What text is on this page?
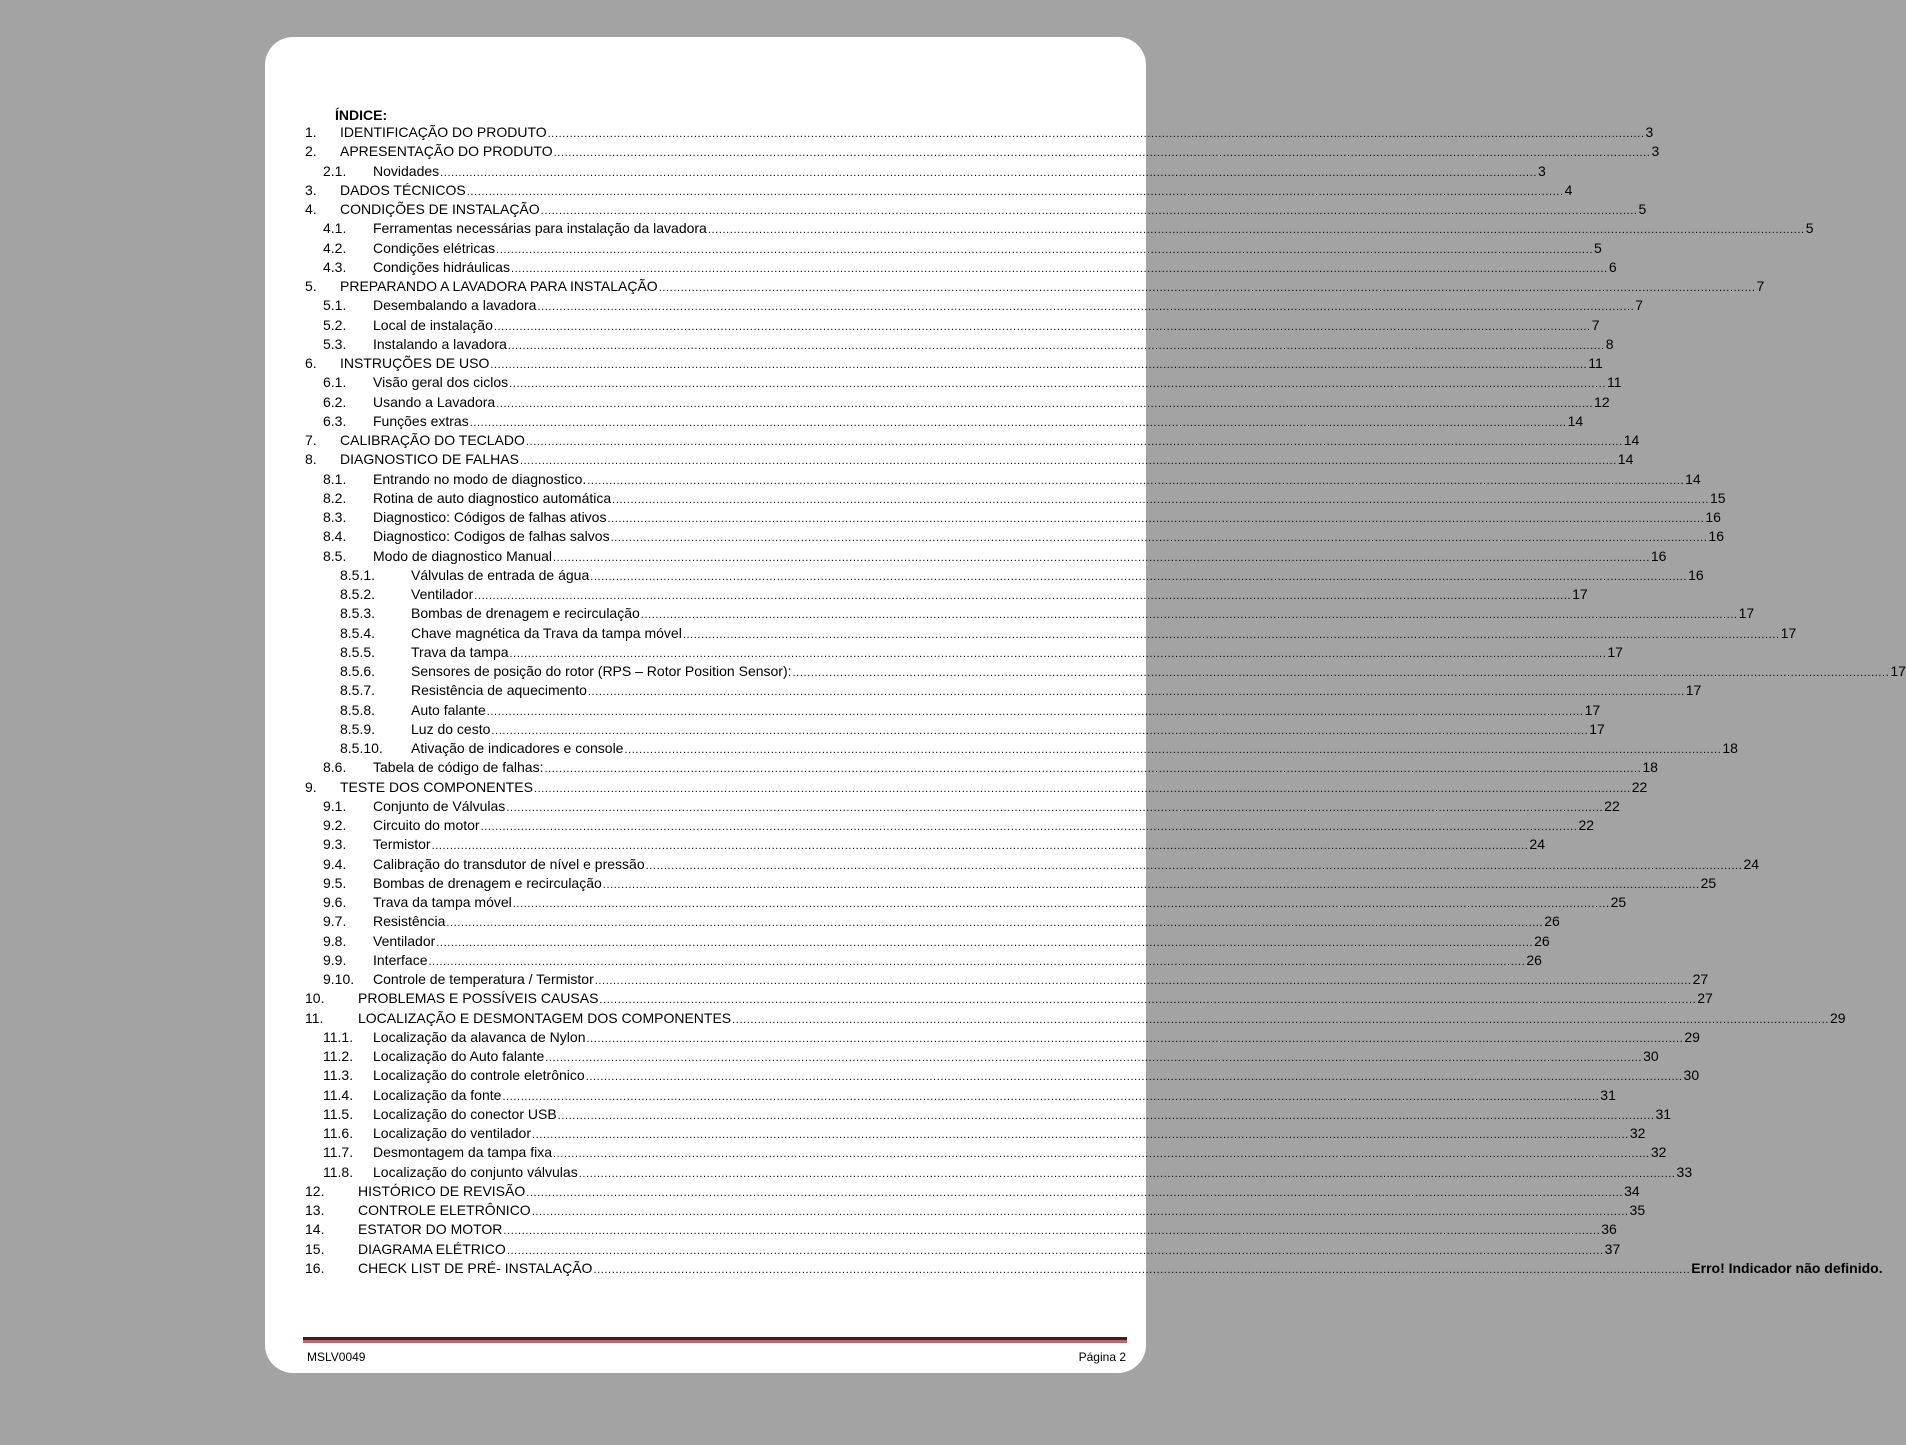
ÍNDICE:
1. IDENTIFICAÇÃO DO PRODUTO ............................................................................................................................................................................................................................................................................................................ 3
2. APRESENTAÇÃO DO PRODUTO ............................................................................................................................................................................................................................................................................................................ 3
2.1. Novidades ............................................................................................................................................................................................................................................................................................................ 3
3. DADOS TÉCNICOS ............................................................................................................................................................................................................................................................................................................ 4
4. CONDIÇÕES DE INSTALAÇÃO ............................................................................................................................................................................................................................................................................................................ 5
4.1. Ferramentas necessárias para instalação da lavadora ............................................................................................................................................................................................................................................................................................................ 5
4.2. Condições elétricas ............................................................................................................................................................................................................................................................................................................ 5
4.3. Condições hidráulicas ............................................................................................................................................................................................................................................................................................................ 6
5. PREPARANDO A LAVADORA PARA INSTALAÇÃO ............................................................................................................................................................................................................................................................................................................ 7
5.1. Desembalando a lavadora ............................................................................................................................................................................................................................................................................................................ 7
5.2. Local de instalação ............................................................................................................................................................................................................................................................................................................ 7
5.3. Instalando a lavadora ............................................................................................................................................................................................................................................................................................................ 8
6. INSTRUÇÕES DE USO ............................................................................................................................................................................................................................................................................................................ 11
6.1. Visão geral dos ciclos ............................................................................................................................................................................................................................................................................................................ 11
6.2. Usando a Lavadora ............................................................................................................................................................................................................................................................................................................ 12
6.3. Funções extras ............................................................................................................................................................................................................................................................................................................ 14
7. CALIBRAÇÃO DO TECLADO ............................................................................................................................................................................................................................................................................................................ 14
8. DIAGNOSTICO DE FALHAS ............................................................................................................................................................................................................................................................................................................ 14
8.1. Entrando no modo de diagnostico. ............................................................................................................................................................................................................................................................................................................ 14
8.2. Rotina de auto diagnostico automática ............................................................................................................................................................................................................................................................................................................ 15
8.3. Diagnostico: Códigos de falhas ativos ............................................................................................................................................................................................................................................................................................................ 16
8.4. Diagnostico: Codigos de falhas salvos ............................................................................................................................................................................................................................................................................................................ 16
8.5. Modo de diagnostico Manual ............................................................................................................................................................................................................................................................................................................ 16
8.5.1.	Válvulas de entrada de água ............................................................................................................................................................................................................................................................................................................ 16
8.5.2.	Ventilador ............................................................................................................................................................................................................................................................................................................ 17
8.5.3.	Bombas de drenagem e recirculação ............................................................................................................................................................................................................................................................................................................ 17
8.5.4.	Chave magnética da Trava da tampa móvel ............................................................................................................................................................................................................................................................................................................ 17
8.5.5.	Trava da tampa ............................................................................................................................................................................................................................................................................................................ 17
8.5.6.	Sensores de posição do rotor (RPS – Rotor Position Sensor): ............................................................................................................................................................................................................................................................................................................ 17
8.5.7.	Resistência de aquecimento ............................................................................................................................................................................................................................................................................................................ 17
8.5.8.	Auto falante ............................................................................................................................................................................................................................................................................................................ 17
8.5.9.	Luz do cesto ............................................................................................................................................................................................................................................................................................................ 17
8.5.10. Ativação de indicadores e console ............................................................................................................................................................................................................................................................................................................ 18
8.6. Tabela de código de falhas: ............................................................................................................................................................................................................................................................................................................ 18
9. TESTE DOS COMPONENTES ............................................................................................................................................................................................................................................................................................................ 22
9.1. Conjunto de Válvulas ............................................................................................................................................................................................................................................................................................................ 22
9.2. Circuito do motor ............................................................................................................................................................................................................................................................................................................ 22
9.3. Termistor ............................................................................................................................................................................................................................................................................................................ 24
9.4. Calibração do transdutor de nível e pressão ............................................................................................................................................................................................................................................................................................................ 24
9.5. Bombas de drenagem e recirculação ............................................................................................................................................................................................................................................................................................................ 25
9.6. Trava da tampa móvel ............................................................................................................................................................................................................................................................................................................ 25
9.7. Resistência ............................................................................................................................................................................................................................................................................................................ 26
9.8. Ventilador ............................................................................................................................................................................................................................................................................................................ 26
9.9. Interface ............................................................................................................................................................................................................................................................................................................ 26
9.10. Controle de temperatura / Termistor ............................................................................................................................................................................................................................................................................................................ 27
10. PROBLEMAS E POSSÍVEIS CAUSAS ............................................................................................................................................................................................................................................................................................................ 27
11. LOCALIZAÇÃO E DESMONTAGEM DOS COMPONENTES ............................................................................................................................................................................................................................................................................................................ 29
11.1. Localização da alavanca de Nylon ............................................................................................................................................................................................................................................................................................................ 29
11.2. Localização do Auto falante ............................................................................................................................................................................................................................................................................................................ 30
11.3. Localização do controle eletrônico ............................................................................................................................................................................................................................................................................................................ 30
11.4. Localização da fonte ............................................................................................................................................................................................................................................................................................................ 31
11.5. Localização do conector USB ............................................................................................................................................................................................................................................................................................................ 31
11.6. Localização do ventilador ............................................................................................................................................................................................................................................................................................................ 32
11.7. Desmontagem da tampa fixa ............................................................................................................................................................................................................................................................................................................ 32
11.8. Localização do conjunto válvulas ............................................................................................................................................................................................................................................................................................................ 33
12. HISTÓRICO DE REVISÃO ............................................................................................................................................................................................................................................................................................................ 34
13. CONTROLE ELETRÔNICO ............................................................................................................................................................................................................................................................................................................ 35
14. ESTATOR DO MOTOR ............................................................................................................................................................................................................................................................................................................ 36
15. DIAGRAMA ELÉTRICO ............................................................................................................................................................................................................................................................................................................ 37
16. CHECK LIST DE PRÉ- INSTALAÇÃO ............................................................................................................................................................................................................................................................................................................ Erro! Indicador não definido.
MSLV0049	Página 2
